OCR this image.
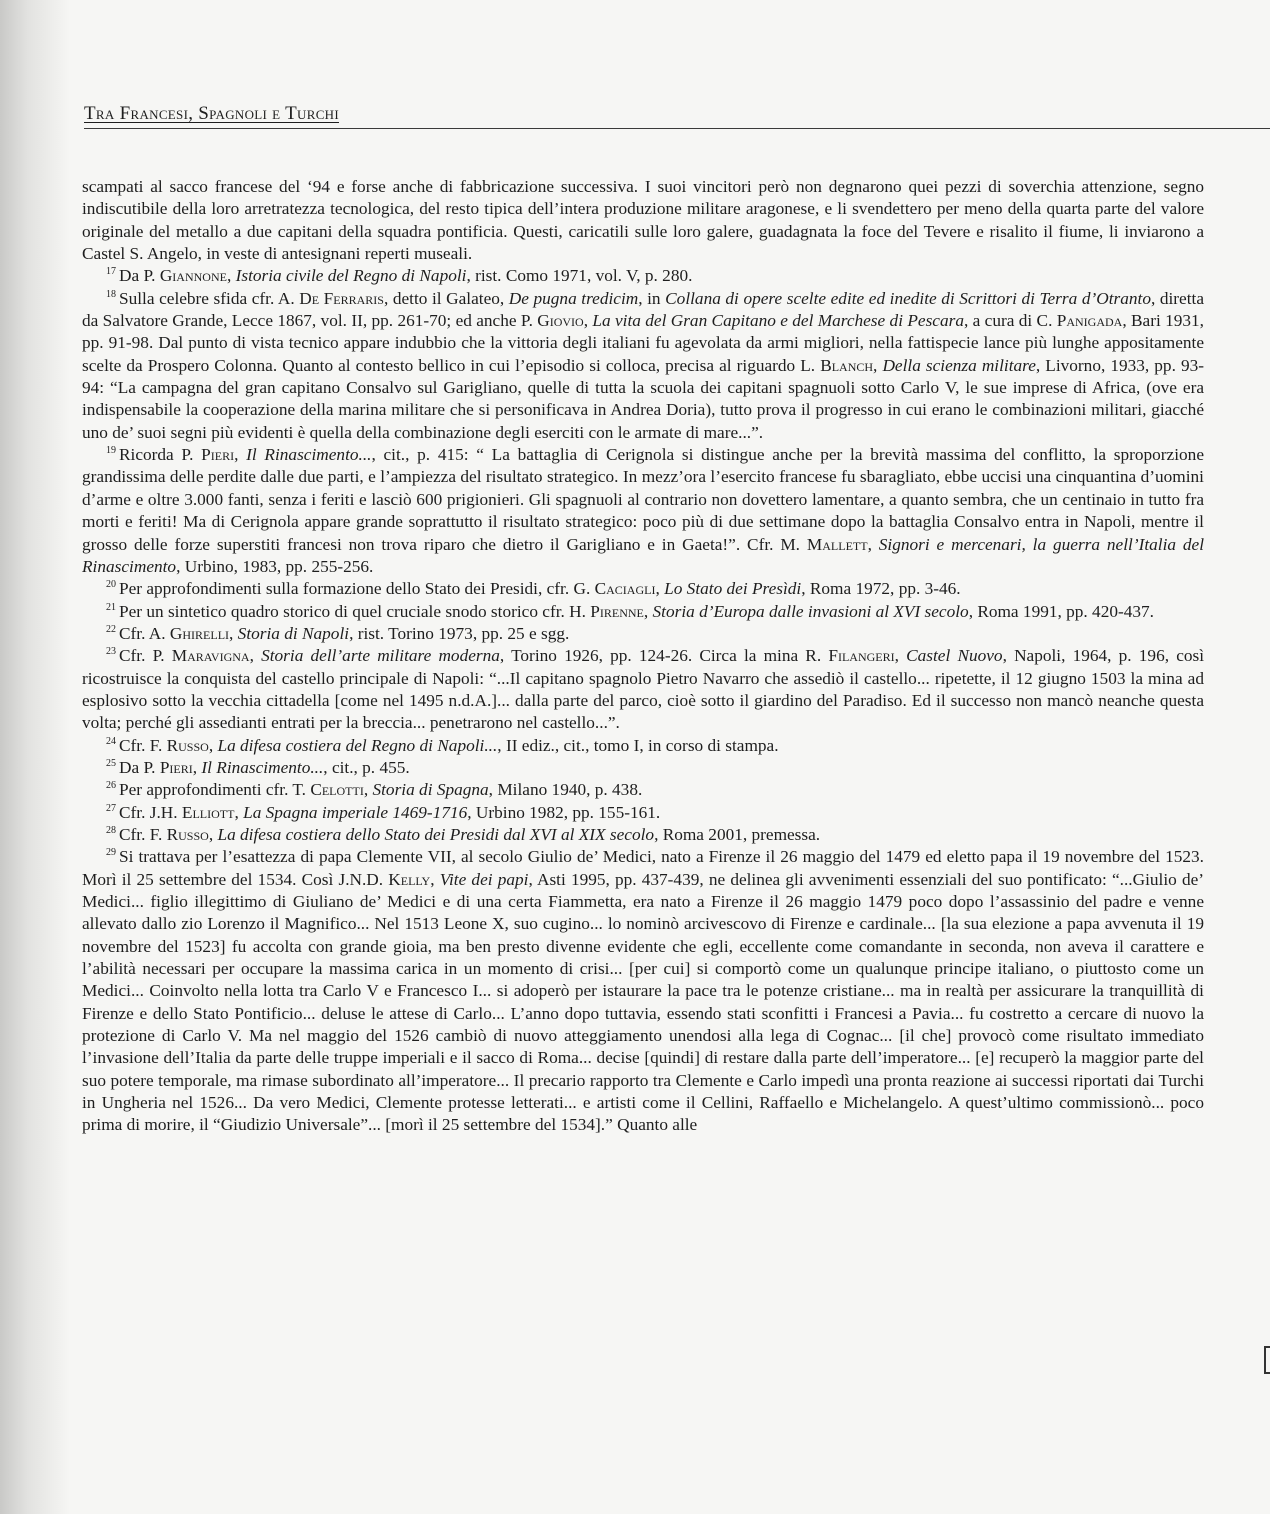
Tra Francesi, Spagnoli e Turchi

scampati al sacco francese del ‘94 e forse anche di fabbricazione successiva. I suoi vincitori però non degnarono quei pezzi di soverchia attenzione, segno indiscutibile della loro arretratezza tecnologica, del resto tipica dell’intera produzione militare aragonese, e li svendettero per meno della quarta parte del valore originale del metallo a due capitani della squadra pontificia. Questi, caricatili sulle loro galere, guadagnata la foce del Tevere e risalito il fiume, li inviarono a Castel S. Angelo, in veste di antesignani reperti museali.

$^{17}$ Da P. Giannone, Istoria civile del Regno di Napoli, rist. Como 1971, vol. V, p. 280.

$^{18}$ Sulla celebre sfida cfr. A. De Ferraris, detto il Galateo, De pugna tredicim, in Collana di opere scelte edite ed inedite di Scrittori di Terra d’Otranto, diretta da Salvatore Grande, Lecce 1867, vol. II, pp. 261-70; ed anche P. Giovio, La vita del Gran Capitano e del Marchese di Pescara, a cura di C. Panigada, Bari 1931, pp. 91-98. Dal punto di vista tecnico appare indubbio che la vittoria degli italiani fu agevolata da armi migliori, nella fattispecie lance più lunghe appositamente scelte da Prospero Colonna. Quanto al contesto bellico in cui l’episodio si colloca, precisa al riguardo L. Blanch, Della scienza militare, Livorno, 1933, pp. 93-94: “La campagna del gran capitano Consalvo sul Garigliano, quelle di tutta la scuola dei capitani spagnuoli sotto Carlo V, le sue imprese di Africa, (ove era indispensabile la cooperazione della marina militare che si personificava in Andrea Doria), tutto prova il progresso in cui erano le combinazioni militari, giacché uno de’ suoi segni più evidenti è quella della combinazione degli eserciti con le armate di mare...”.

$^{19}$ Ricorda P. Pieri, Il Rinascimento..., cit., p. 415: “ La battaglia di Cerignola si distingue anche per la brevità massima del conflitto, la sproporzione grandissima delle perdite dalle due parti, e l’ampiezza del risultato strategico. In mezz’ora l’esercito francese fu sbaragliato, ebbe uccisi una cinquantina d’uomini d’arme e oltre 3.000 fanti, senza i feriti e lasciò 600 prigionieri. Gli spagnuoli al contrario non dovettero lamentare, a quanto sembra, che un centinaio in tutto fra morti e feriti! Ma di Cerignola appare grande soprattutto il risultato strategico: poco più di due settimane dopo la battaglia Consalvo entra in Napoli, mentre il grosso delle forze superstiti francesi non trova riparo che dietro il Garigliano e in Gaeta!”. Cfr. M. Mallett, Signori e mercenari, la guerra nell’Italia del Rinascimento, Urbino, 1983, pp. 255-256.

$^{20}$ Per approfondimenti sulla formazione dello Stato dei Presidi, cfr. G. Caciagli, Lo Stato dei Presìdi, Roma 1972, pp. 3-46.

$^{21}$ Per un sintetico quadro storico di quel cruciale snodo storico cfr. H. Pirenne, Storia d’Europa dalle invasioni al XVI secolo, Roma 1991, pp. 420-437.

$^{22}$ Cfr. A. Ghirelli, Storia di Napoli, rist. Torino 1973, pp. 25 e sgg.

$^{23}$ Cfr. P. Maravigna, Storia dell’arte militare moderna, Torino 1926, pp. 124-26. Circa la mina R. Filangeri, Castel Nuovo, Napoli, 1964, p. 196, così ricostruisce la conquista del castello principale di Napoli: “...Il capitano spagnolo Pietro Navarro che assediò il castello... ripetette, il 12 giugno 1503 la mina ad esplosivo sotto la vecchia cittadella [come nel 1495 n.d.A.]... dalla parte del parco, cioè sotto il giardino del Paradiso. Ed il successo non mancò neanche questa volta; perché gli assedianti entrati per la breccia... penetrarono nel castello...”.

$^{24}$ Cfr. F. Russo, La difesa costiera del Regno di Napoli..., II ediz., cit., tomo I, in corso di stampa.

$^{25}$ Da P. Pieri, Il Rinascimento..., cit., p. 455.

$^{26}$ Per approfondimenti cfr. T. Celotti, Storia di Spagna, Milano 1940, p. 438.

$^{27}$ Cfr. J.H. Elliott, La Spagna imperiale 1469-1716, Urbino 1982, pp. 155-161.

$^{28}$ Cfr. F. Russo, La difesa costiera dello Stato dei Presidi dal XVI al XIX secolo, Roma 2001, premessa.

$^{29}$ Si trattava per l’esattezza di papa Clemente VII, al secolo Giulio de’ Medici, nato a Firenze il 26 maggio del 1479 ed eletto papa il 19 novembre del 1523. Morì il 25 settembre del 1534. Così J.N.D. Kelly, Vite dei papi, Asti 1995, pp. 437-439, ne delinea gli avvenimenti essenziali del suo pontificato: “...Giulio de’ Medici... figlio illegittimo di Giuliano de’ Medici e di una certa Fiammetta, era nato a Firenze il 26 maggio 1479 poco dopo l’assassinio del padre e venne allevato dallo zio Lorenzo il Magnifico... Nel 1513 Leone X, suo cugino... lo nominò arcivescovo di Firenze e cardinale... [la sua elezione a papa avvenuta il 19 novembre del 1523] fu accolta con grande gioia, ma ben presto divenne evidente che egli, eccellente come comandante in seconda, non aveva il carattere e l’abilità necessari per occupare la massima carica in un momento di crisi... [per cui] si comportò come un qualunque principe italiano, o piuttosto come un Medici... Coinvolto nella lotta tra Carlo V e Francesco I... si adoperò per istaurare la pace tra le potenze cristiane... ma in realtà per assicurare la tranquillità di Firenze e dello Stato Pontificio... deluse le attese di Carlo... L’anno dopo tuttavia, essendo stati sconfitti i Francesi a Pavia... fu costretto a cercare di nuovo la protezione di Carlo V. Ma nel maggio del 1526 cambiò di nuovo atteggiamento unendosi alla lega di Cognac... [il che] provocò come risultato immediato l’invasione dell’Italia da parte delle truppe imperiali e il sacco di Roma... decise [quindi] di restare dalla parte dell’imperatore... [e] recuperò la maggior parte del suo potere temporale, ma rimase subordinato all’imperatore... Il precario rapporto tra Clemente e Carlo impedì una pronta reazione ai successi riportati dai Turchi in Ungheria nel 1526... Da vero Medici, Clemente protesse letterati... e artisti come il Cellini, Raffaello e Michelangelo. A quest’ultimo commissionò... poco prima di morire, il “Giudizio Universale”... [morì il 25 settembre del 1534].” Quanto alle
